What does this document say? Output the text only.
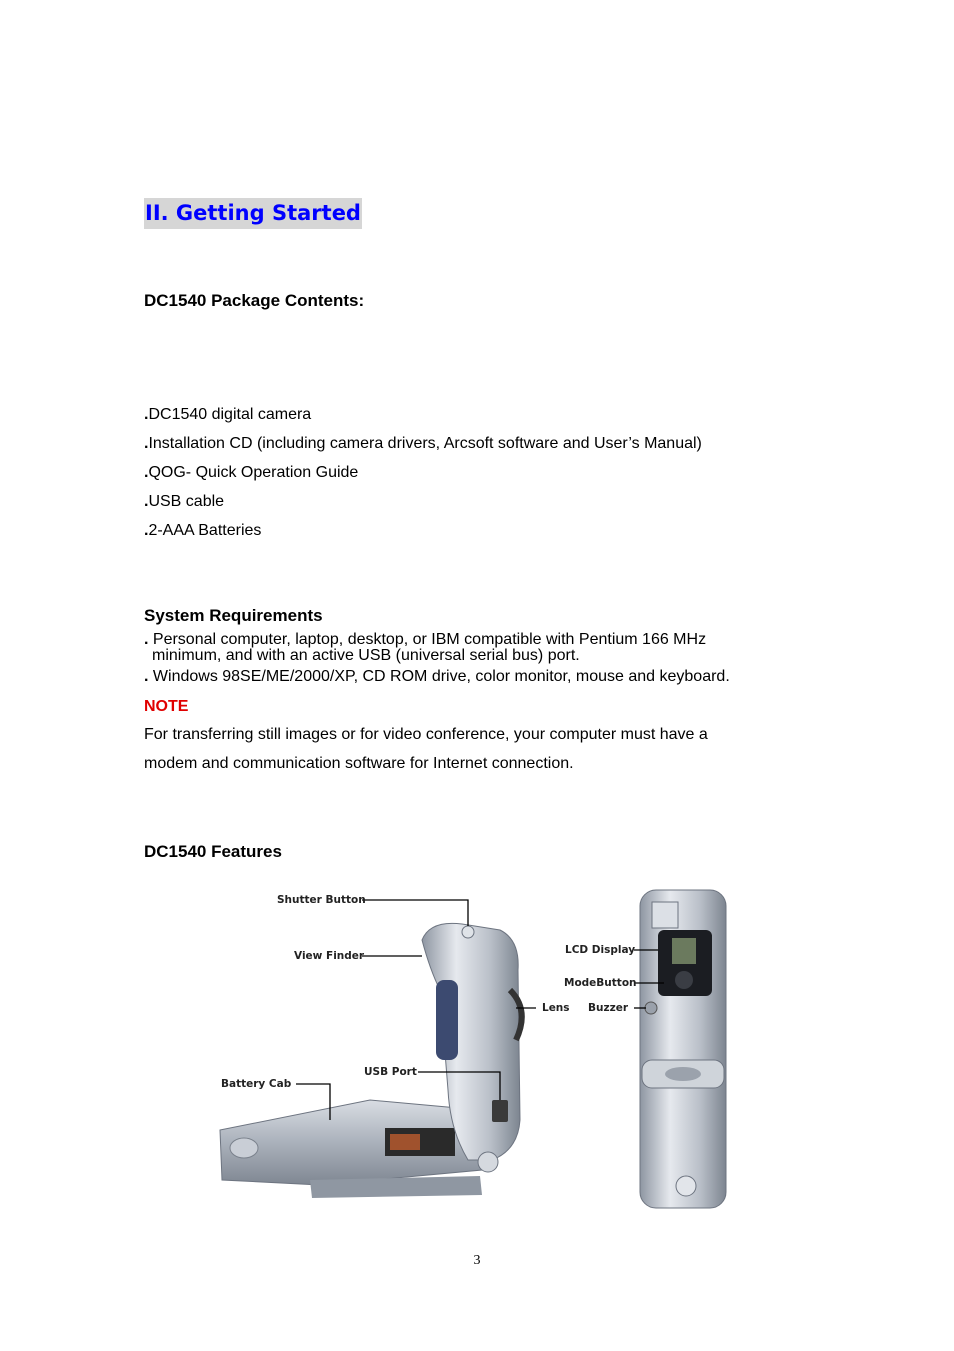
II. Getting Started
DC1540 Package Contents:
.DC1540 digital camera
.Installation CD (including camera drivers, Arcsoft software and User’s Manual)
.QOG- Quick Operation Guide
.USB cable
.2-AAA Batteries
System Requirements
. Personal computer, laptop, desktop, or IBM compatible with Pentium 166 MHz
minimum, and with an active USB (universal serial bus) port.
. Windows 98SE/ME/2000/XP, CD ROM drive, color monitor, mouse and keyboard.
NOTE
For transferring still images or for video conference, your computer must have a
modem and communication software for Internet connection.
DC1540 Features
Shutter Button
View Finder
Battery Cab
USB Port
LCD Display
ModeButton
Lens Buzzer
3
